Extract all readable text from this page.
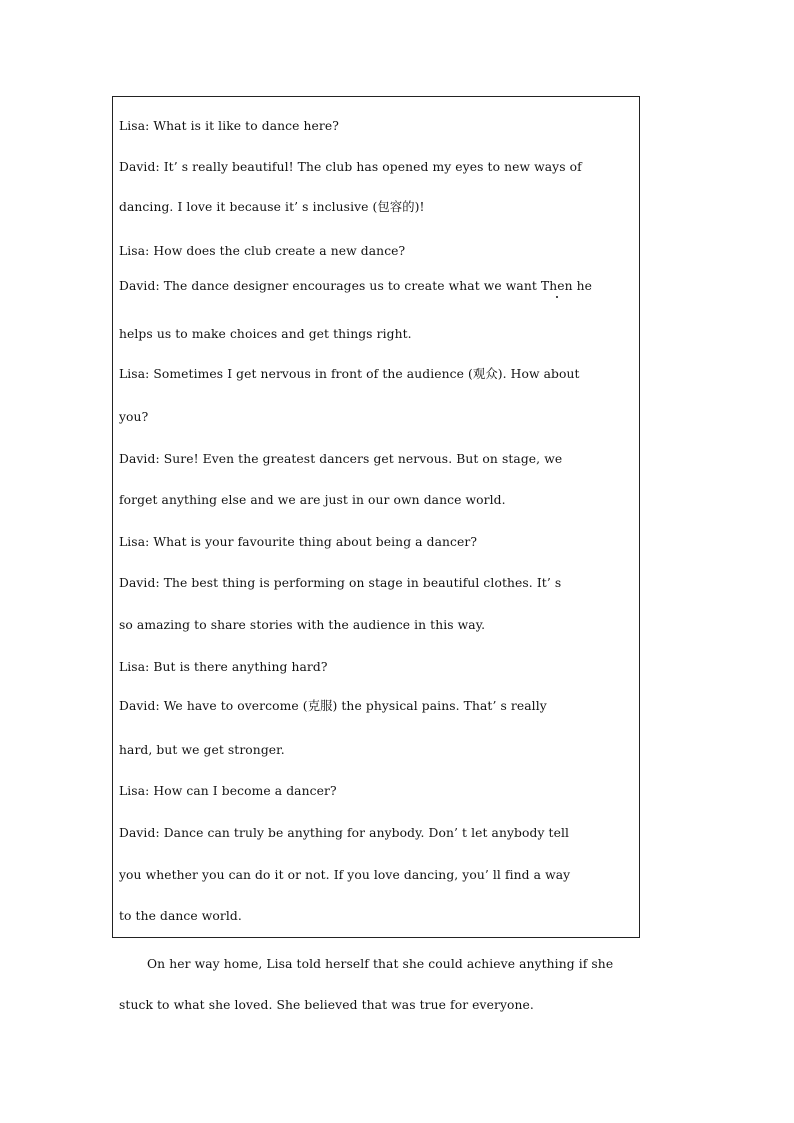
Lisa: What is it like to dance here?
David: It’ s really beautiful! The club has opened my eyes to new ways of
dancing. I love it because it’ s inclusive (包容的)!
Lisa: How does the club create a new dance?
David: The dance designer encourages us to create what we want Then he
helps us to make choices and get things right.
Lisa: Sometimes I get nervous in front of the audience (观众). How about
you?
David: Sure! Even the greatest dancers get nervous. But on stage, we
forget anything else and we are just in our own dance world.
Lisa: What is your favourite thing about being a dancer?
David: The best thing is performing on stage in beautiful clothes. It’ s
so amazing to share stories with the audience in this way.
Lisa: But is there anything hard?
David: We have to overcome (克服) the physical pains. That’ s really
hard, but we get stronger.
Lisa: How can I become a dancer?
David: Dance can truly be anything for anybody. Don’ t let anybody tell
you whether you can do it or not. If you love dancing, you’ ll find a way
to the dance world.
On her way home, Lisa told herself that she could achieve anything if she
stuck to what she loved. She believed that was true for everyone.
